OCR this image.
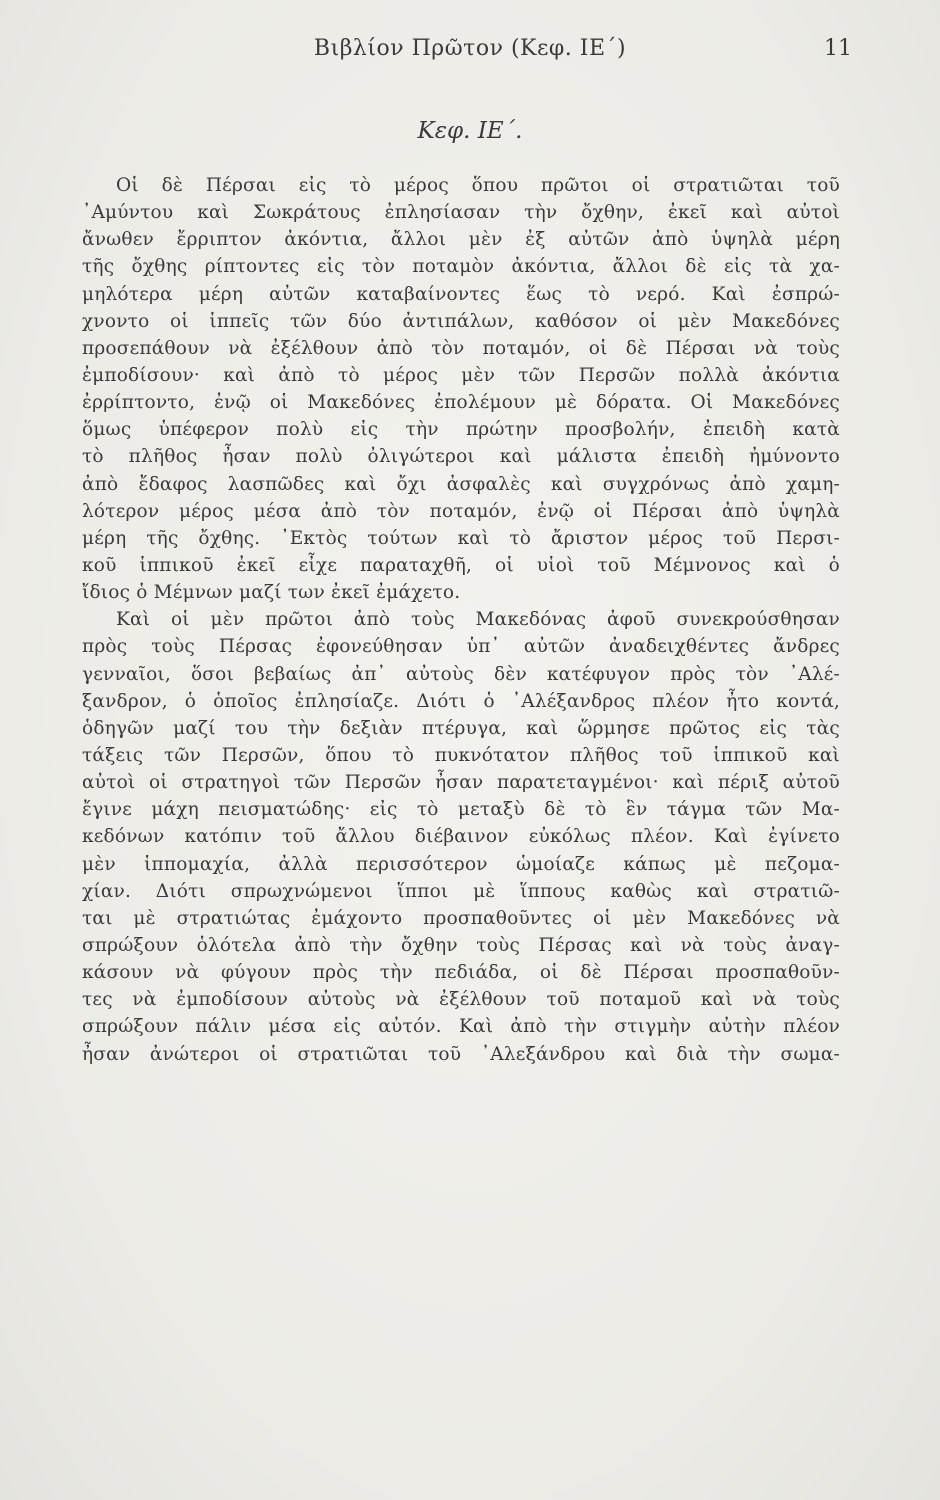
Βιβλίον Πρῶτον (Κεφ. ΙΕ΄)	11
Κεφ. ΙΕ΄.
Οἱ δὲ Πέρσαι εἰς τὸ μέρος ὅπου πρῶτοι οἱ στρατιῶται τοῦ
᾿Αμύντου καὶ Σωκράτους ἐπλησίασαν τὴν ὄχθην, ἐκεῖ καὶ αὐτοὶ
ἄνωθεν ἔρριπτον ἀκόντια, ἄλλοι μὲν ἐξ αὐτῶν ἀπὸ ὑψηλὰ μέρη
τῆς ὄχθης ρίπτοντες εἰς τὸν ποταμὸν ἀκόντια, ἄλλοι δὲ εἰς τὰ χα-
μηλότερα μέρη αὐτῶν καταβαίνοντες ἕως τὸ νερό. Καὶ ἐσπρώ-
χνοντο οἱ ἱππεῖς τῶν δύο ἀντιπάλων, καθόσον οἱ μὲν Μακεδόνες
προσεπάθουν νὰ ἐξέλθουν ἀπὸ τὸν ποταμόν, οἱ δὲ Πέρσαι νὰ τοὺς
ἐμποδίσουν· καὶ ἀπὸ τὸ μέρος μὲν τῶν Περσῶν πολλὰ ἀκόντια
ἐρρίπτοντο, ἐνῷ οἱ Μακεδόνες ἐπολέμουν μὲ δόρατα. Οἱ Μακεδόνες
ὅμως ὑπέφερον πολὺ εἰς τὴν πρώτην προσβολήν, ἐπειδὴ κατὰ
τὸ πλῆθος ἦσαν πολὺ ὀλιγώτεροι καὶ μάλιστα ἐπειδὴ ἠμύνοντο
ἀπὸ ἔδαφος λασπῶδες καὶ ὄχι ἀσφαλὲς καὶ συγχρόνως ἀπὸ χαμη-
λότερον μέρος μέσα ἀπὸ τὸν ποταμόν, ἐνῷ οἱ Πέρσαι ἀπὸ ὑψηλὰ
μέρη τῆς ὄχθης. ᾿Εκτὸς τούτων καὶ τὸ ἄριστον μέρος τοῦ Περσι-
κοῦ ἱππικοῦ ἐκεῖ εἶχε παραταχθῆ, οἱ υἱοὶ τοῦ Μέμνονος καὶ ὁ
ἴδιος ὁ Μέμνων μαζί των ἐκεῖ ἐμάχετο.
Καὶ οἱ μὲν πρῶτοι ἀπὸ τοὺς Μακεδόνας ἀφοῦ συνεκρούσθησαν
πρὸς τοὺς Πέρσας ἐφονεύθησαν ὑπ᾿ αὐτῶν ἀναδειχθέντες ἄνδρες
γενναῖοι, ὅσοι βεβαίως ἀπ᾿ αὐτοὺς δὲν κατέφυγον πρὸς τὸν ᾿Αλέ-
ξανδρον, ὁ ὁποῖος ἐπλησίαζε. Διότι ὁ ᾿Αλέξανδρος πλέον ἦτο κοντά,
ὁδηγῶν μαζί του τὴν δεξιὰν πτέρυγα, καὶ ὥρμησε πρῶτος εἰς τὰς
τάξεις τῶν Περσῶν, ὅπου τὸ πυκνότατον πλῆθος τοῦ ἱππικοῦ καὶ
αὐτοὶ οἱ στρατηγοὶ τῶν Περσῶν ἦσαν παρατεταγμένοι· καὶ πέριξ αὐτοῦ
ἔγινε μάχη πεισματώδης· εἰς τὸ μεταξὺ δὲ τὸ ἓν τάγμα τῶν Μα-
κεδόνων κατόπιν τοῦ ἄλλου διέβαινον εὐκόλως πλέον. Καὶ ἐγίνετο
μὲν ἱππομαχία, ἀλλὰ περισσότερον ὡμοίαζε κάπως μὲ πεζομα-
χίαν. Διότι σπρωχνώμενοι ἵπποι μὲ ἵππους καθὼς καὶ στρατιῶ-
ται μὲ στρατιώτας ἐμάχοντο προσπαθοῦντες οἱ μὲν Μακεδόνες νὰ
σπρώξουν ὁλότελα ἀπὸ τὴν ὄχθην τοὺς Πέρσας καὶ νὰ τοὺς ἀναγ-
κάσουν νὰ φύγουν πρὸς τὴν πεδιάδα, οἱ δὲ Πέρσαι προσπαθοῦν-
τες νὰ ἐμποδίσουν αὐτοὺς νὰ ἐξέλθουν τοῦ ποταμοῦ καὶ νὰ τοὺς
σπρώξουν πάλιν μέσα εἰς αὐτόν. Καὶ ἀπὸ τὴν στιγμὴν αὐτὴν πλέον
ἦσαν ἀνώτεροι οἱ στρατιῶται τοῦ ᾿Αλεξάνδρου καὶ διὰ τὴν σωμα-
